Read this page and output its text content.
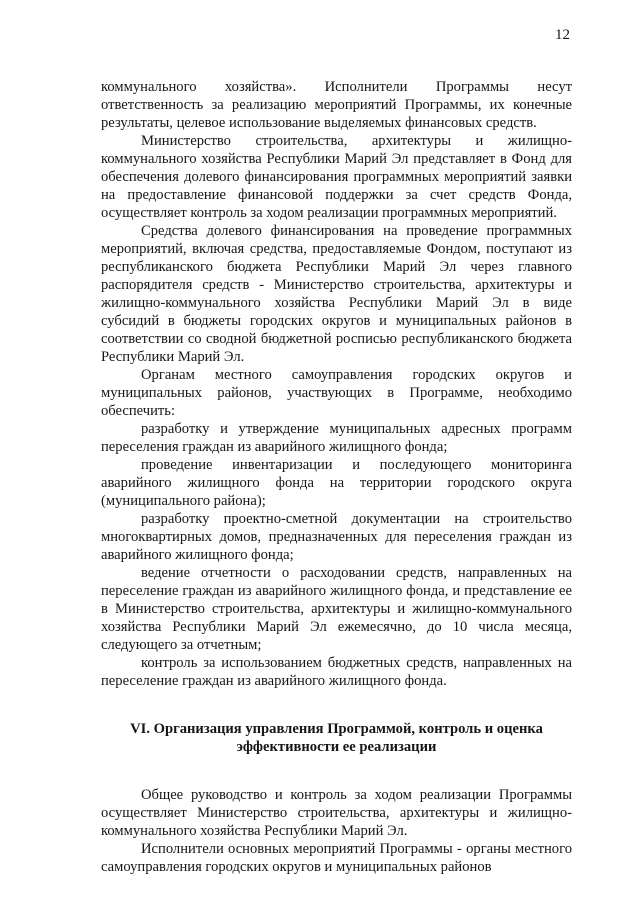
12

коммунального хозяйства». Исполнители Программы несут ответственность за реализацию мероприятий Программы, их конечные результаты, целевое использование выделяемых финансовых средств.

Министерство строительства, архитектуры и жилищно-коммунального хозяйства Республики Марий Эл представляет в Фонд для обеспечения долевого финансирования программных мероприятий заявки на предоставление финансовой поддержки за счет средств Фонда, осуществляет контроль за ходом реализации программных мероприятий.

Средства долевого финансирования на проведение программных мероприятий, включая средства, предоставляемые Фондом, поступают из республиканского бюджета Республики Марий Эл через главного распорядителя средств - Министерство строительства, архитектуры и жилищно-коммунального хозяйства Республики Марий Эл в виде субсидий в бюджеты городских округов и муниципальных районов в соответствии со сводной бюджетной росписью республиканского бюджета Республики Марий Эл.

Органам местного самоуправления городских округов и муниципальных районов, участвующих в Программе, необходимо обеспечить:

разработку и утверждение муниципальных адресных программ переселения граждан из аварийного жилищного фонда;

проведение инвентаризации и последующего мониторинга аварийного жилищного фонда на территории городского округа (муниципального района);

разработку проектно-сметной документации на строительство многоквартирных домов, предназначенных для переселения граждан из аварийного жилищного фонда;

ведение отчетности о расходовании средств, направленных на переселение граждан из аварийного жилищного фонда, и представление ее в Министерство строительства, архитектуры и жилищно-коммунального хозяйства Республики Марий Эл ежемесячно, до 10 числа месяца, следующего за отчетным;

контроль за использованием бюджетных средств, направленных на переселение граждан из аварийного жилищного фонда.

VI. Организация управления Программой, контроль и оценка
эффективности ее реализации

Общее руководство и контроль за ходом реализации Программы осуществляет Министерство строительства, архитектуры и жилищно-коммунального хозяйства Республики Марий Эл.

Исполнители основных мероприятий Программы - органы местного самоуправления городских округов и муниципальных районов
